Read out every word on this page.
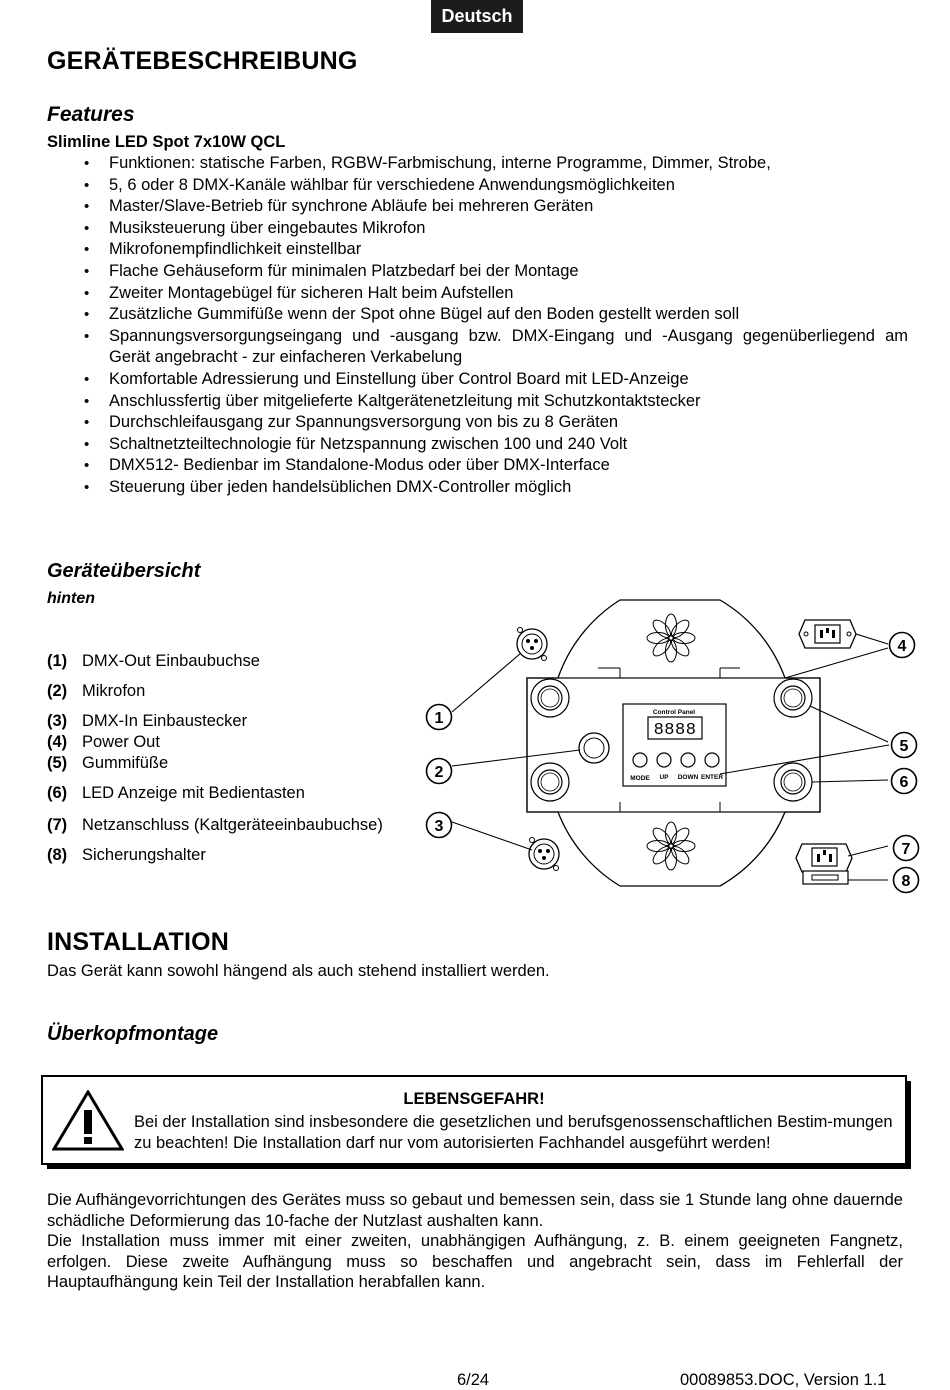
Deutsch
GERÄTEBESCHREIBUNG
Features
Slimline LED Spot 7x10W QCL
• Funktionen: statische Farben, RGBW-Farbmischung, interne Programme, Dimmer, Strobe,
• 5, 6 oder 8 DMX-Kanäle wählbar für verschiedene Anwendungsmöglichkeiten
• Master/Slave-Betrieb für synchrone Abläufe bei mehreren Geräten
• Musiksteuerung über eingebautes Mikrofon
• Mikrofonempfindlichkeit einstellbar
• Flache Gehäuseform für minimalen Platzbedarf bei der Montage
• Zweiter Montagebügel für sicheren Halt beim Aufstellen
• Zusätzliche Gummifüße wenn der Spot ohne Bügel auf den Boden gestellt werden soll
• Spannungsversorgungseingang und -ausgang bzw. DMX-Eingang und -Ausgang gegenüberliegend am Gerät angebracht - zur einfacheren Verkabelung
• Komfortable Adressierung und Einstellung über Control Board mit LED-Anzeige
• Anschlussfertig über mitgelieferte Kaltgerätenetzleitung mit Schutzkontaktstecker
• Durchschleifausgang zur Spannungsversorgung von bis zu 8 Geräten
• Schaltnetzteiltechnologie für Netzspannung zwischen 100 und 240 Volt
• DMX512- Bedienbar im Standalone-Modus oder über DMX-Interface
• Steuerung über jeden handelsüblichen DMX-Controller möglich
Geräteübersicht
hinten
(1) DMX-Out Einbaubuchse
(2) Mikrofon
(3) DMX-In Einbaustecker
(4) Power Out
(5) Gummifüße
(6) LED Anzeige mit Bedientasten
(7) Netzanschluss (Kaltgeräteeinbaubuchse)
(8) Sicherungshalter
Control Panel
8888
MODE UP DOWN ENTER
1
2
3
4
5
6
7
8
INSTALLATION
Das Gerät kann sowohl hängend als auch stehend installiert werden.
Überkopfmontage
LEBENSGEFAHR!
Bei der Installation sind insbesondere die gesetzlichen und berufsgenossenschaftlichen Bestim-mungen zu beachten! Die Installation darf nur vom autorisierten Fachhandel ausgeführt werden!
Die Aufhängevorrichtungen des Gerätes muss so gebaut und bemessen sein, dass sie 1 Stunde lang ohne dauernde schädliche Deformierung das 10-fache der Nutzlast aushalten kann.
Die Installation muss immer mit einer zweiten, unabhängigen Aufhängung, z. B. einem geeigneten Fangnetz, erfolgen. Diese zweite Aufhängung muss so beschaffen und angebracht sein, dass im Fehlerfall der Hauptaufhängung kein Teil der Installation herabfallen kann.
6/24	00089853.DOC, Version 1.1
